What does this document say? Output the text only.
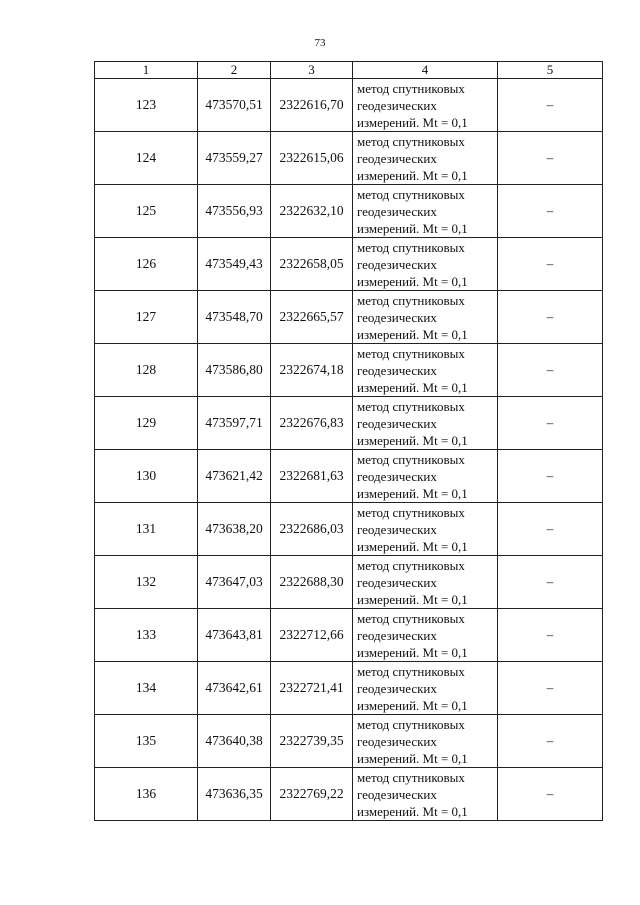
73
1	2	3	4	5
123	473570,51	2322616,70	метод спутниковых
геодезических
измерений. Mt = 0,1	–
124	473559,27	2322615,06	метод спутниковых
геодезических
измерений. Mt = 0,1	–
125	473556,93	2322632,10	метод спутниковых
геодезических
измерений. Mt = 0,1	–
126	473549,43	2322658,05	метод спутниковых
геодезических
измерений. Mt = 0,1	–
127	473548,70	2322665,57	метод спутниковых
геодезических
измерений. Mt = 0,1	–
128	473586,80	2322674,18	метод спутниковых
геодезических
измерений. Mt = 0,1	–
129	473597,71	2322676,83	метод спутниковых
геодезических
измерений. Mt = 0,1	–
130	473621,42	2322681,63	метод спутниковых
геодезических
измерений. Mt = 0,1	–
131	473638,20	2322686,03	метод спутниковых
геодезических
измерений. Mt = 0,1	–
132	473647,03	2322688,30	метод спутниковых
геодезических
измерений. Mt = 0,1	–
133	473643,81	2322712,66	метод спутниковых
геодезических
измерений. Mt = 0,1	–
134	473642,61	2322721,41	метод спутниковых
геодезических
измерений. Mt = 0,1	–
135	473640,38	2322739,35	метод спутниковых
геодезических
измерений. Mt = 0,1	–
136	473636,35	2322769,22	метод спутниковых
геодезических
измерений. Mt = 0,1	–
